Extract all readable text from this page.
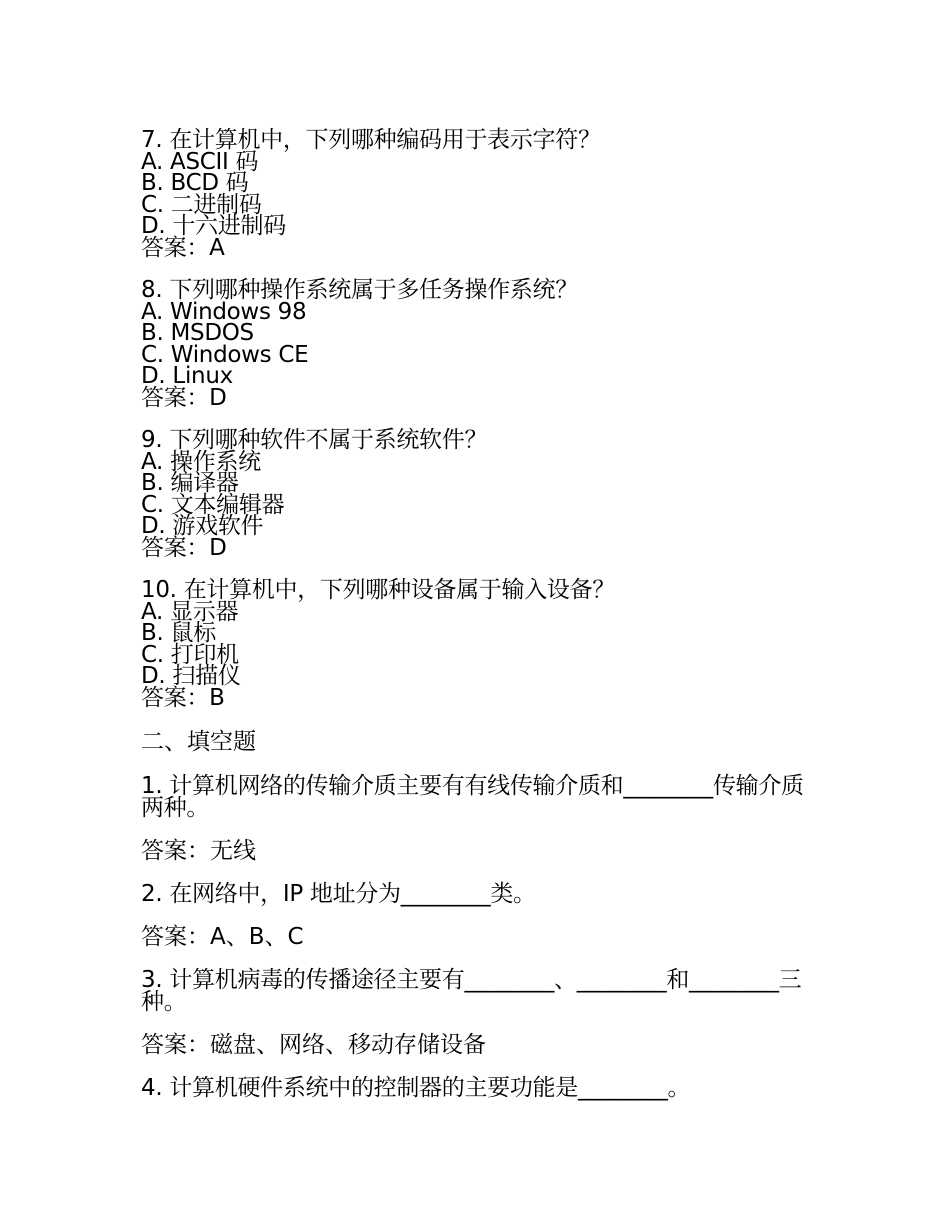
7. 在计算机中，下列哪种编码用于表示字符？
A. ASCII 码
B. BCD 码
C. 二进制码
D. 十六进制码
答案：A
8. 下列哪种操作系统属于多任务操作系统？
A. Windows 98
B. MSDOS
C. Windows CE
D. Linux
答案：D
9. 下列哪种软件不属于系统软件？
A. 操作系统
B. 编译器
C. 文本编辑器
D. 游戏软件
答案：D
10. 在计算机中，下列哪种设备属于输入设备？
A. 显示器
B. 鼠标
C. 打印机
D. 扫描仪
答案：B
二、填空题
1. 计算机网络的传输介质主要有有线传输介质和________传输介质两种。
答案：无线
2. 在网络中，IP 地址分为________类。
答案：A、B、C
3. 计算机病毒的传播途径主要有________、________和________三种。
答案：磁盘、网络、移动存储设备
4. 计算机硬件系统中的控制器的主要功能是________。
